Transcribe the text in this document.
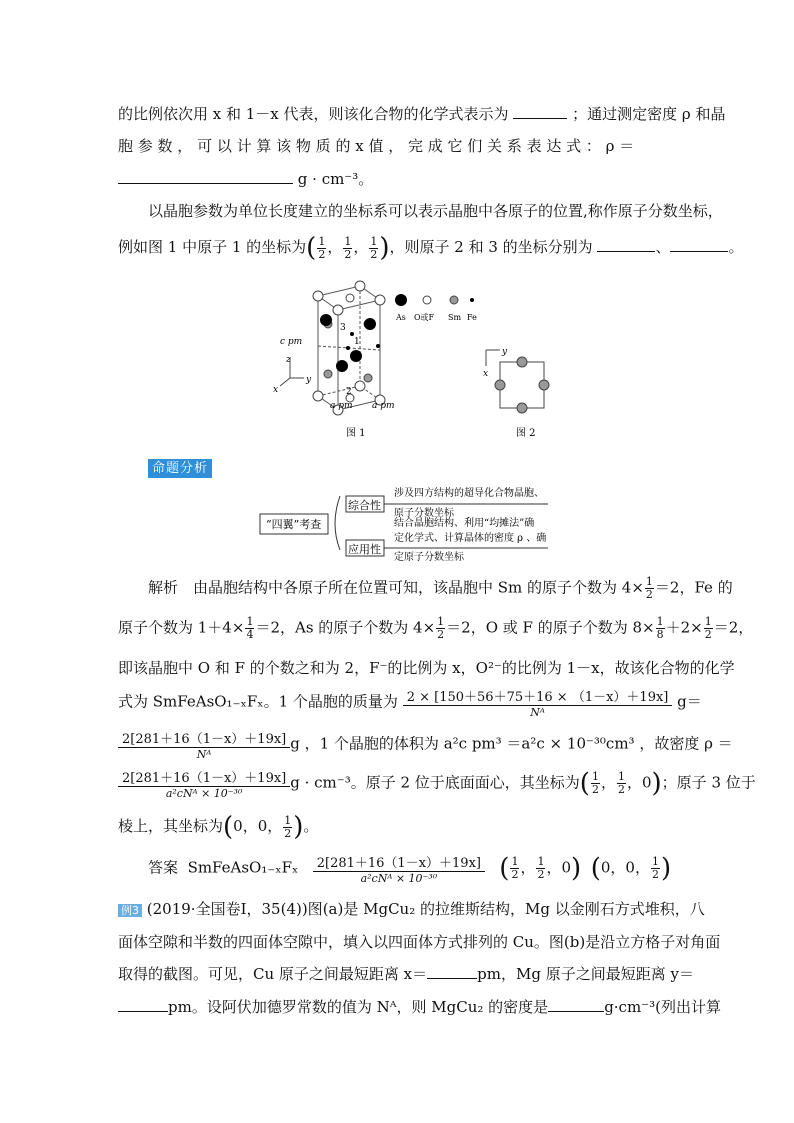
的比例依次用 x 和 1－x 代表，则该化合物的化学式表示为	；通过测定密度 ρ 和晶
胞 参 数 ， 可 以 计 算 该 物 质 的 x 值 ， 完 成 它 们 关 系 表 达 式 ： ρ ＝
g · cm⁻³。
以晶胞参数为单位长度建立的坐标系可以表示晶胞中各原子的位置,称作原子分数坐标，
例如图 1 中原子 1 的坐标为( $\frac{1}{2}$ ， $\frac{1}{2}$ ， $\frac{1}{2}$ )，则原子 2 和 3 的坐标分别为	、	。
z
x
y
c pm
a pm a pm
1
2
3
As O或F Sm Fe
图 1
y
x
图 2
命题分析
“四翼”考查
综合性
应用性
涉及四方结构的超导化合物晶胞、
原子分数坐标
结合晶胞结构、利用“均摊法”确
定化学式、计算晶体的密度 ρ 、确
定原子分数坐标
解析　由晶胞结构中各原子所在位置可知，该晶胞中 Sm 的原子个数为 $4\times \frac{1}{2} =2$，Fe 的
原子个数为 $1+4\times \frac{1}{4} =2$，As 的原子个数为 $4\times \frac{1}{2} =2$，O 或 F 的原子个数为 $8\times \frac{1}{8} +2\times \frac{1}{2} =2$，
即该晶胞中 O 和 F 的个数之和为 2，F⁻的比例为 x，O²⁻的比例为 1－x，故该化合物的化学
式为 SmFeAsO₁₋ₓFₓ。1 个晶胞的质量为 2 × [150＋56＋75＋16 × （1－x）＋19x]
Nᴬ
g＝
2[281＋16（1－x）＋19x]
Nᴬ
g ，1 个晶胞的体积为 a²c pm³ ＝a²c × 10⁻³⁰cm³ ，故密度 ρ ＝
2[281＋16（1－x）＋19x]
a²cNᴬ × 10⁻³⁰
g · cm⁻³。原子 2 位于底面面心，其坐标为( $\frac{1}{2}$ ， $\frac{1}{2}$ ，0)；原子 3 位于
棱上，其坐标为(0，0， $\frac{1}{2}$ )。
答案 SmFeAsO₁₋ₓFₓ	2[281＋16（1－x）＋19x]
a²cNᴬ × 10⁻³⁰	( $\frac{1}{2}$ ， $\frac{1}{2}$ ，0) (0，0， $\frac{1}{2}$ )
例3 (2019·全国卷Ⅰ，35(4))图(a)是 MgCu₂ 的拉维斯结构，Mg 以金刚石方式堆积，八
面体空隙和半数的四面体空隙中，填入以四面体方式排列的 Cu。图(b)是沿立方格子对角面
取得的截图。可见，Cu 原子之间最短距离 x＝	pm，Mg 原子之间最短距离 y＝
pm。设阿伏加德罗常数的值为 Nᴬ，则 MgCu₂ 的密度是	g·cm⁻³(列出计算
